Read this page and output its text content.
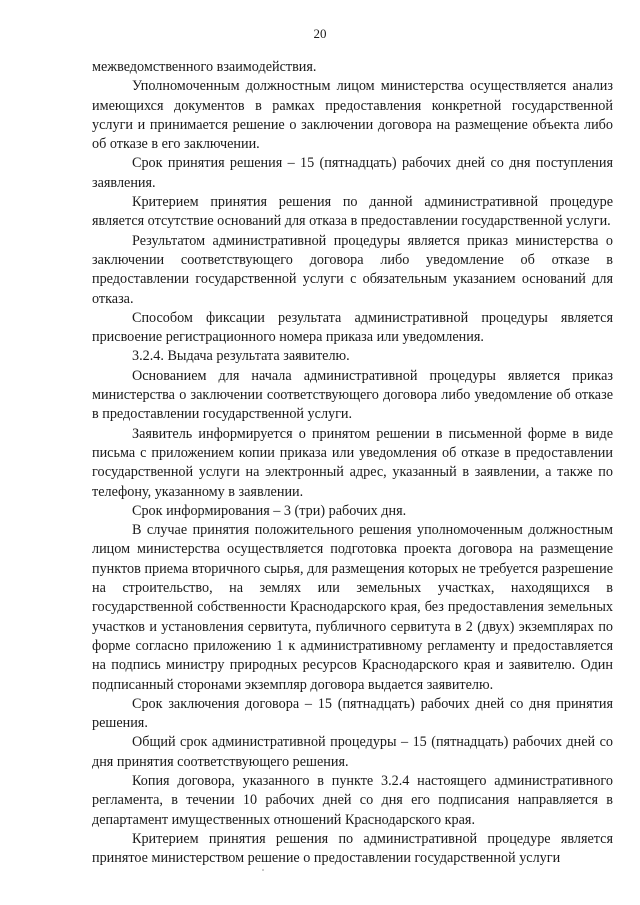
20

межведомственного взаимодействия.

Уполномоченным должностным лицом министерства осуществляется анализ имеющихся документов в рамках предоставления конкретной государственной услуги и принимается решение о заключении договора на размещение объекта либо об отказе в его заключении.

Срок принятия решения – 15 (пятнадцать) рабочих дней со дня поступления заявления.

Критерием принятия решения по данной административной процедуре является отсутствие оснований для отказа в предоставлении государственной услуги.

Результатом административной процедуры является приказ министерства о заключении соответствующего договора либо уведомление об отказе в предоставлении государственной услуги с обязательным указанием оснований для отказа.

Способом фиксации результата административной процедуры является присвоение регистрационного номера приказа или уведомления.

3.2.4. Выдача результата заявителю.

Основанием для начала административной процедуры является приказ министерства о заключении соответствующего договора либо уведомление об отказе в предоставлении государственной услуги.

Заявитель информируется о принятом решении в письменной форме в виде письма с приложением копии приказа или уведомления об отказе в предоставлении государственной услуги на электронный адрес, указанный в заявлении, а также по телефону, указанному в заявлении.

Срок информирования – 3 (три) рабочих дня.

В случае принятия положительного решения уполномоченным должностным лицом министерства осуществляется подготовка проекта договора на размещение пунктов приема вторичного сырья, для размещения которых не требуется разрешение на строительство, на землях или земельных участках, находящихся в государственной собственности Краснодарского края, без предоставления земельных участков и установления сервитута, публичного сервитута в 2 (двух) экземплярах по форме согласно приложению 1 к административному регламенту и предоставляется на подпись министру природных ресурсов Краснодарского края и заявителю. Один подписанный сторонами экземпляр договора выдается заявителю.

Срок заключения договора – 15 (пятнадцать) рабочих дней со дня принятия решения.

Общий срок административной процедуры – 15 (пятнадцать) рабочих дней со дня принятия соответствующего решения.

Копия договора, указанного в пункте 3.2.4 настоящего административного регламента, в течении 10 рабочих дней со дня его подписания направляется в департамент имущественных отношений Краснодарского края.

Критерием принятия решения по административной процедуре является принятое министерством решение о предоставлении государственной услуги
